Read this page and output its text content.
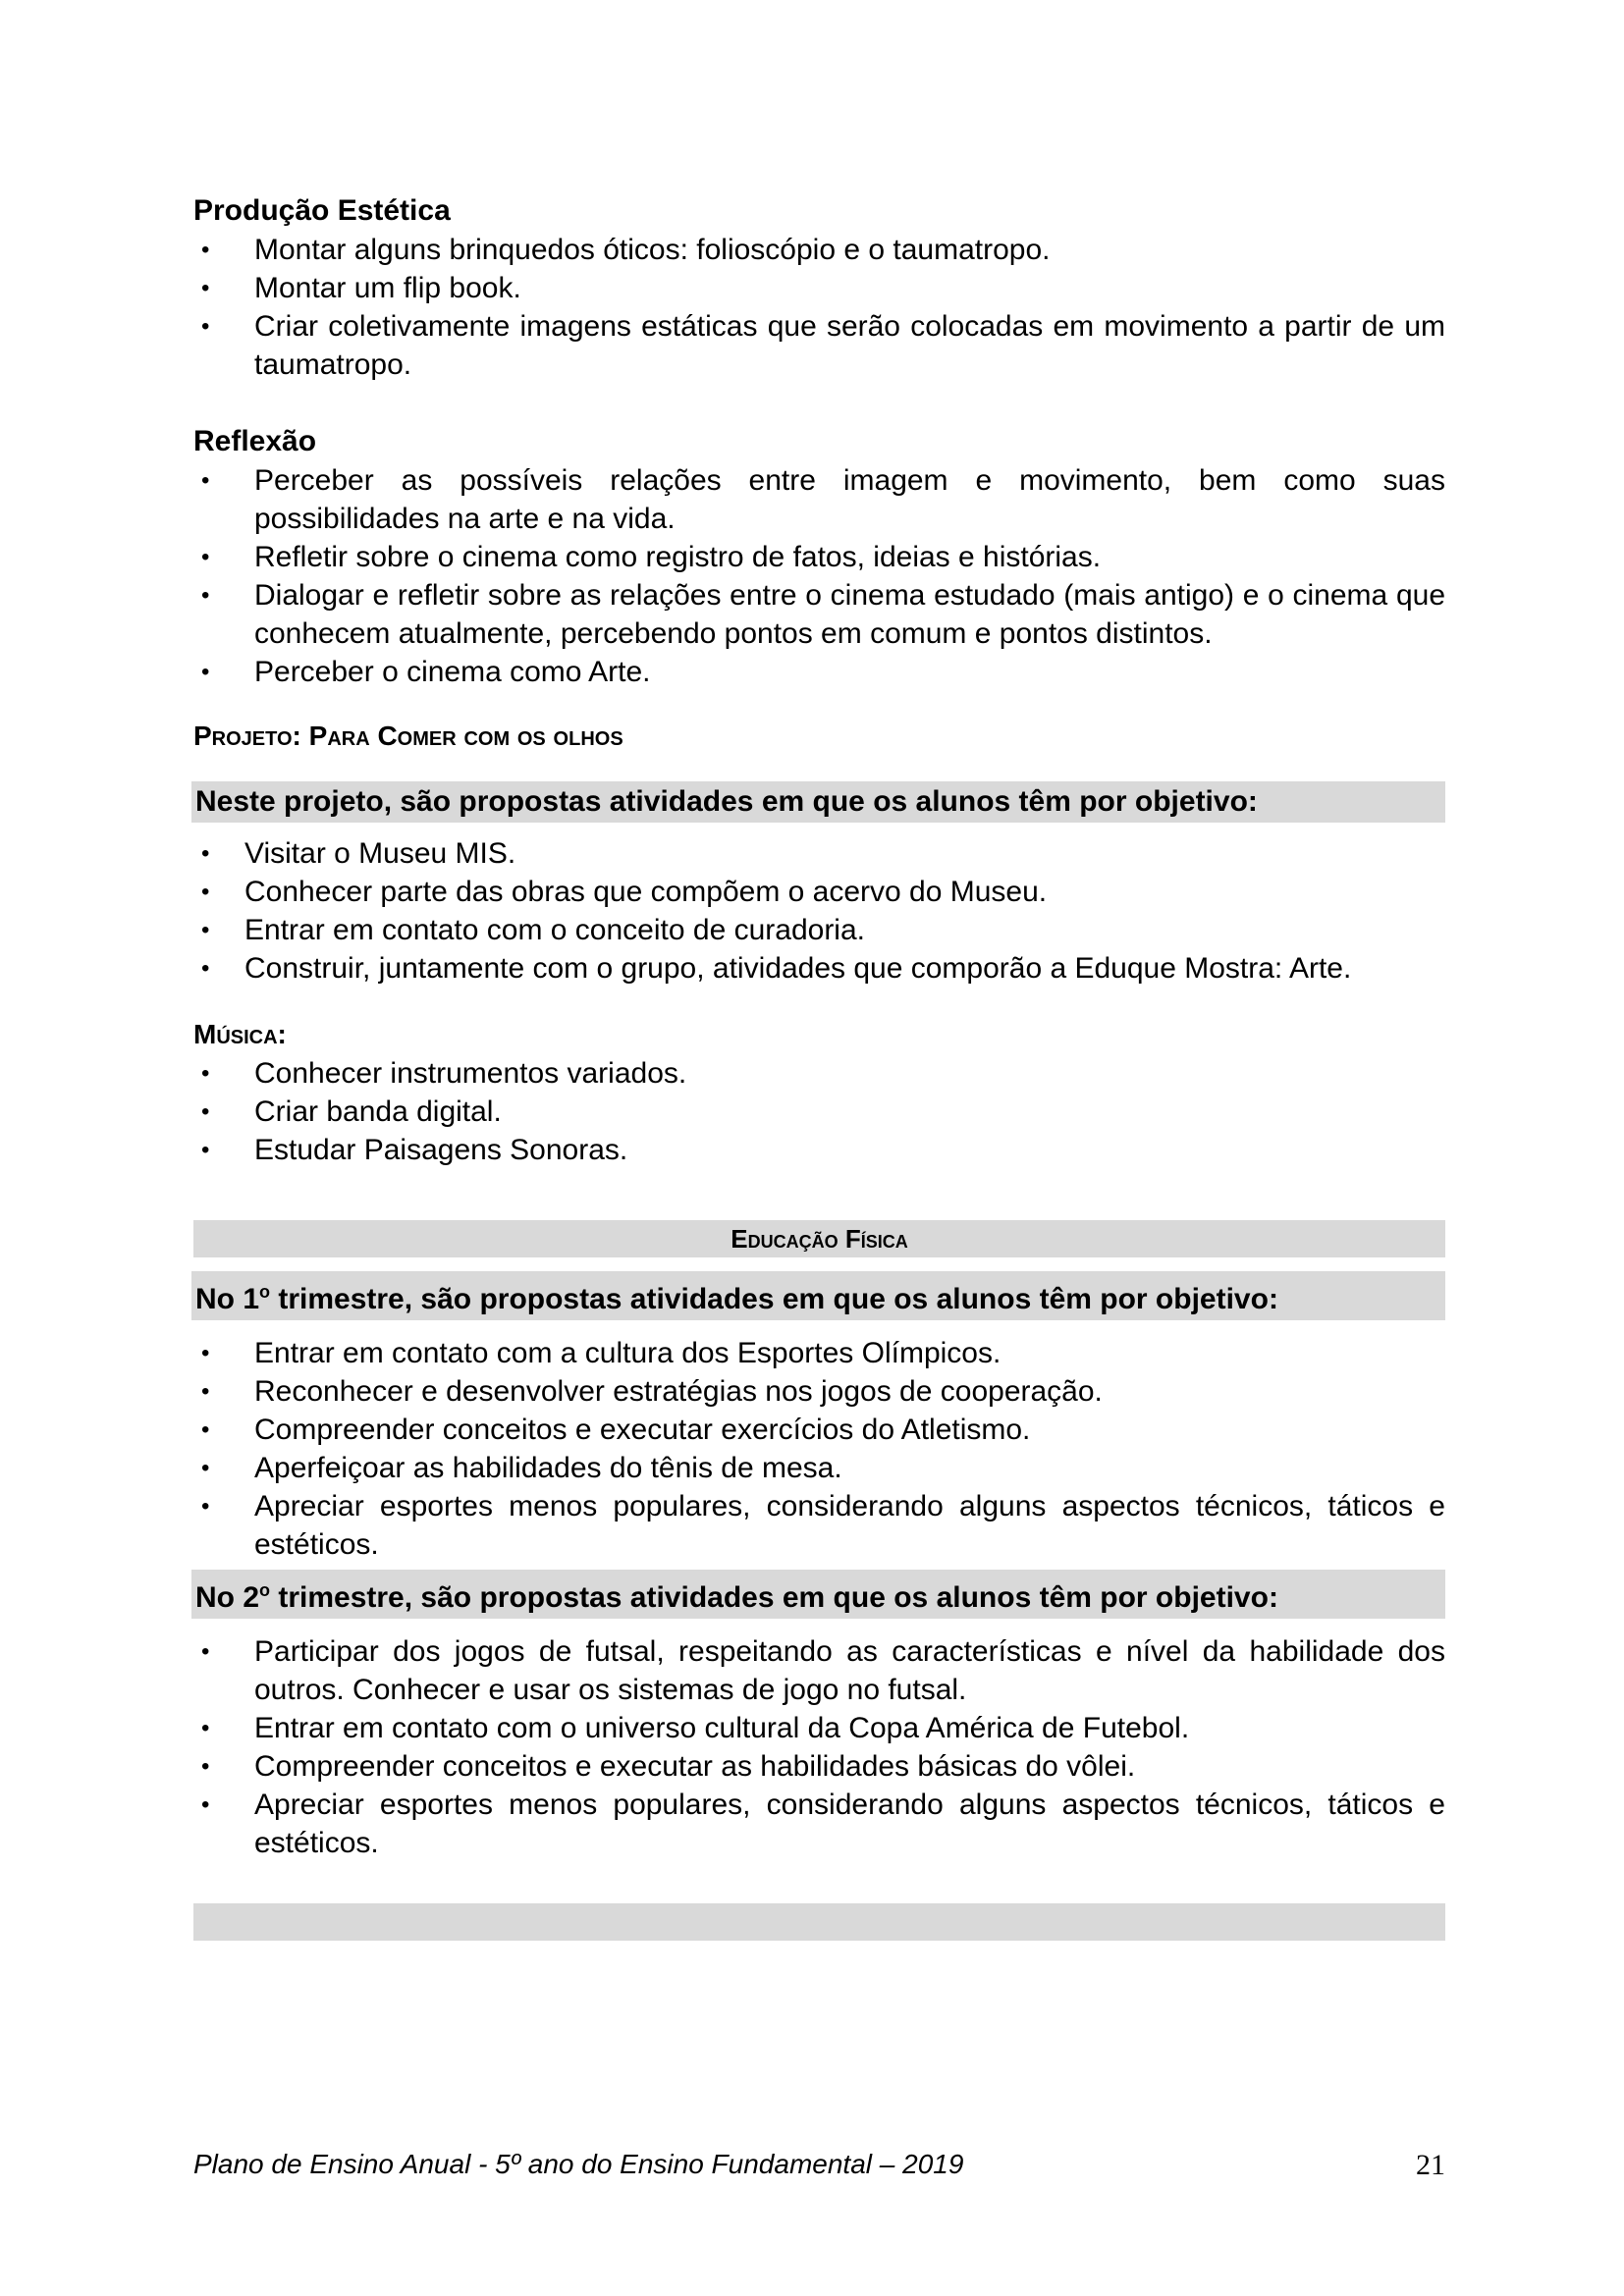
Produção Estética

• Montar alguns brinquedos óticos: folioscópio e o taumatropo.
• Montar um flip book.
• Criar coletivamente imagens estáticas que serão colocadas em movimento a partir de um taumatropo.

Reflexão

• Perceber as possíveis relações entre imagem e movimento, bem como suas possibilidades na arte e na vida.
• Refletir sobre o cinema como registro de fatos, ideias e histórias.
• Dialogar e refletir sobre as relações entre o cinema estudado (mais antigo) e o cinema que conhecem atualmente, percebendo pontos em comum e pontos distintos.
• Perceber o cinema como Arte.

Projeto: Para Comer com os olhos

Neste projeto, são propostas atividades em que os alunos têm por objetivo:
• Visitar o Museu MIS.
• Conhecer parte das obras que compõem o acervo do Museu.
• Entrar em contato com o conceito de curadoria.
• Construir, juntamente com o grupo, atividades que comporão a Eduque Mostra: Arte.

Música:

• Conhecer instrumentos variados.
• Criar banda digital.
• Estudar Paisagens Sonoras.
Educação Física
No 1$^o$ trimestre, são propostas atividades em que os alunos têm por objetivo:
• Entrar em contato com a cultura dos Esportes Olímpicos.
• Reconhecer e desenvolver estratégias nos jogos de cooperação.
• Compreender conceitos e executar exercícios do Atletismo.
• Aperfeiçoar as habilidades do tênis de mesa.
• Apreciar esportes menos populares, considerando alguns aspectos técnicos, táticos e estéticos.
No 2$^o$ trimestre, são propostas atividades em que os alunos têm por objetivo:
• Participar dos jogos de futsal, respeitando as características e nível da habilidade dos outros. Conhecer e usar os sistemas de jogo no futsal.
• Entrar em contato com o universo cultural da Copa América de Futebol.
• Compreender conceitos e executar as habilidades básicas do vôlei.
• Apreciar esportes menos populares, considerando alguns aspectos técnicos, táticos e estéticos.
Plano de Ensino Anual - 5º ano do Ensino Fundamental – 2019	21
